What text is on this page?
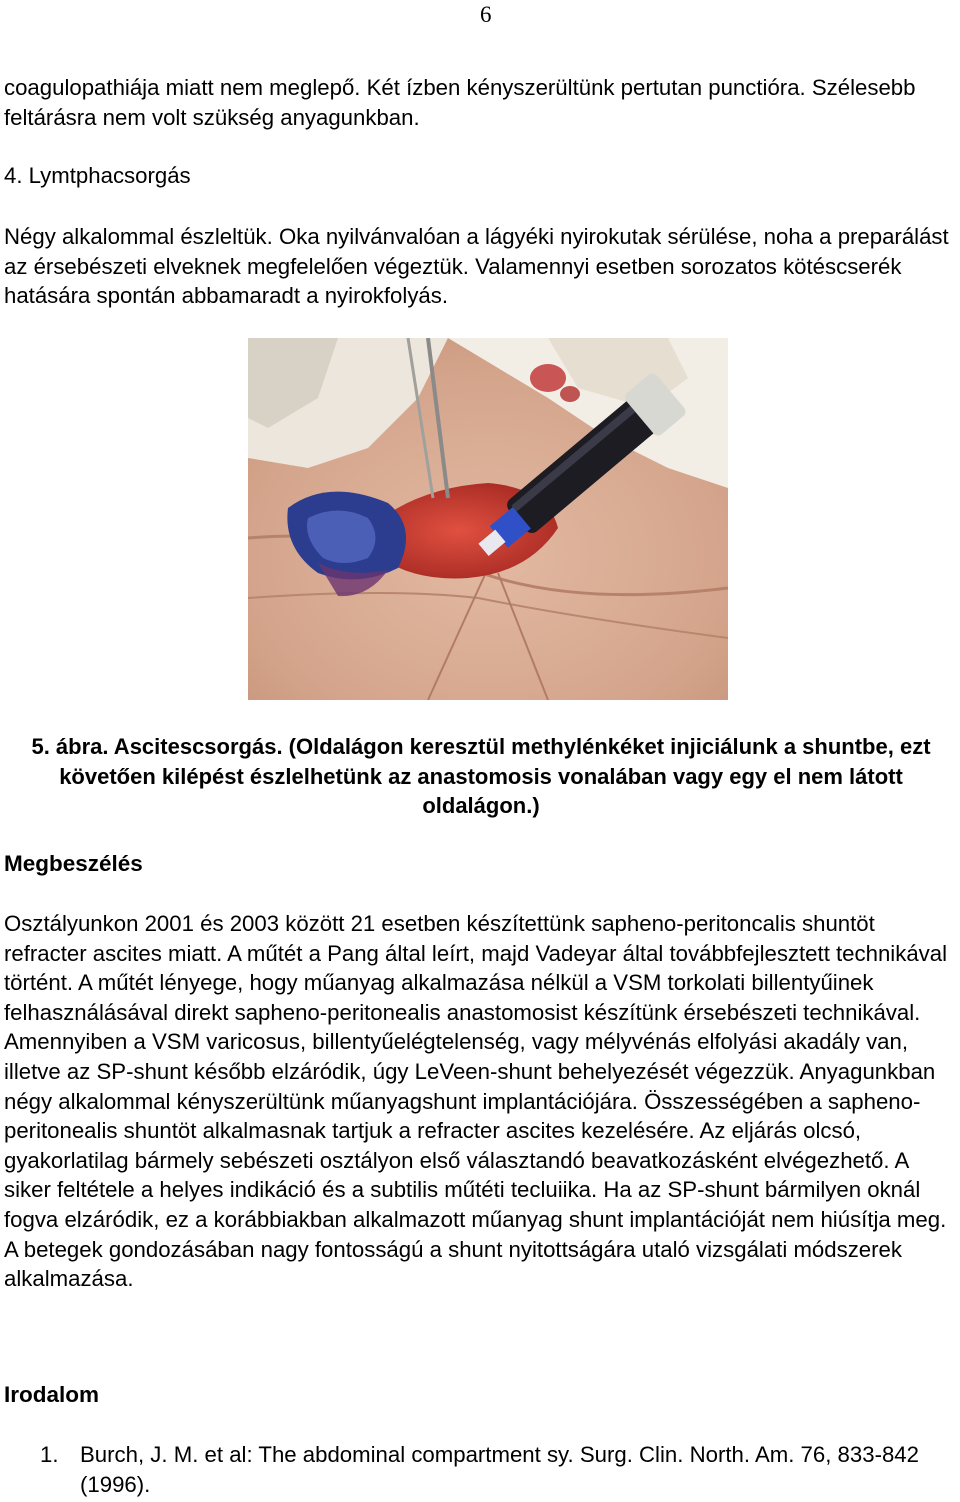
6

coagulopathiája miatt nem meglepő. Két ízben kényszerültünk pertutan punctióra. Szélesebb feltárásra nem volt szükség anyagunkban.

4. Lymtphacsorgás

Négy alkalommal észleltük. Oka nyilvánvalóan a lágyéki nyirokutak sérülése, noha a preparálást az érsebészeti elveknek megfelelően végeztük. Valamennyi esetben sorozatos kötéscserék hatására spontán abbamaradt a nyirokfolyás.

5. ábra. Ascitescsorgás. (Oldalágon keresztül methylénkéket injiciálunk a shuntbe, ezt követően kilépést észlelhetünk az anastomosis vonalában vagy egy el nem látott oldalágon.)

Megbeszélés

Osztályunkon 2001 és 2003 között 21 esetben készítettünk sapheno-peritoncalis shuntöt refracter ascites miatt. A műtét a Pang által leírt, majd Vadeyar által továbbfejlesztett technikával történt. A műtét lényege, hogy műanyag alkalmazása nélkül a VSM torkolati billentyűinek felhasználásával direkt sapheno-peritonealis anastomosist készítünk érsebészeti technikával. Amennyiben a VSM varicosus, billentyűelégtelenség, vagy mélyvénás elfolyási akadály van, illetve az SP-shunt később elzáródik, úgy LeVeen-shunt behelyezését végezzük. Anyagunkban négy alkalommal kényszerültünk műanyagshunt implantációjára. Összességében a sapheno-peritonealis shuntöt alkalmasnak tartjuk a refracter ascites kezelésére. Az eljárás olcsó, gyakorlatilag bármely sebészeti osztályon első választandó beavatkozásként elvégezhető. A siker feltétele a helyes indikáció és a subtilis műtéti tecluiika. Ha az SP-shunt bármilyen oknál fogva elzáródik, ez a korábbiakban alkalmazott műanyag shunt implantációját nem hiúsítja meg. A betegek gondozásában nagy fontosságú a shunt nyitottságára utaló vizsgálati módszerek alkalmazása.

Irodalom
1. Burch, J. M. et al: The abdominal compartment sy. Surg. Clin. North. Am. 76, 833-842 (1996).
